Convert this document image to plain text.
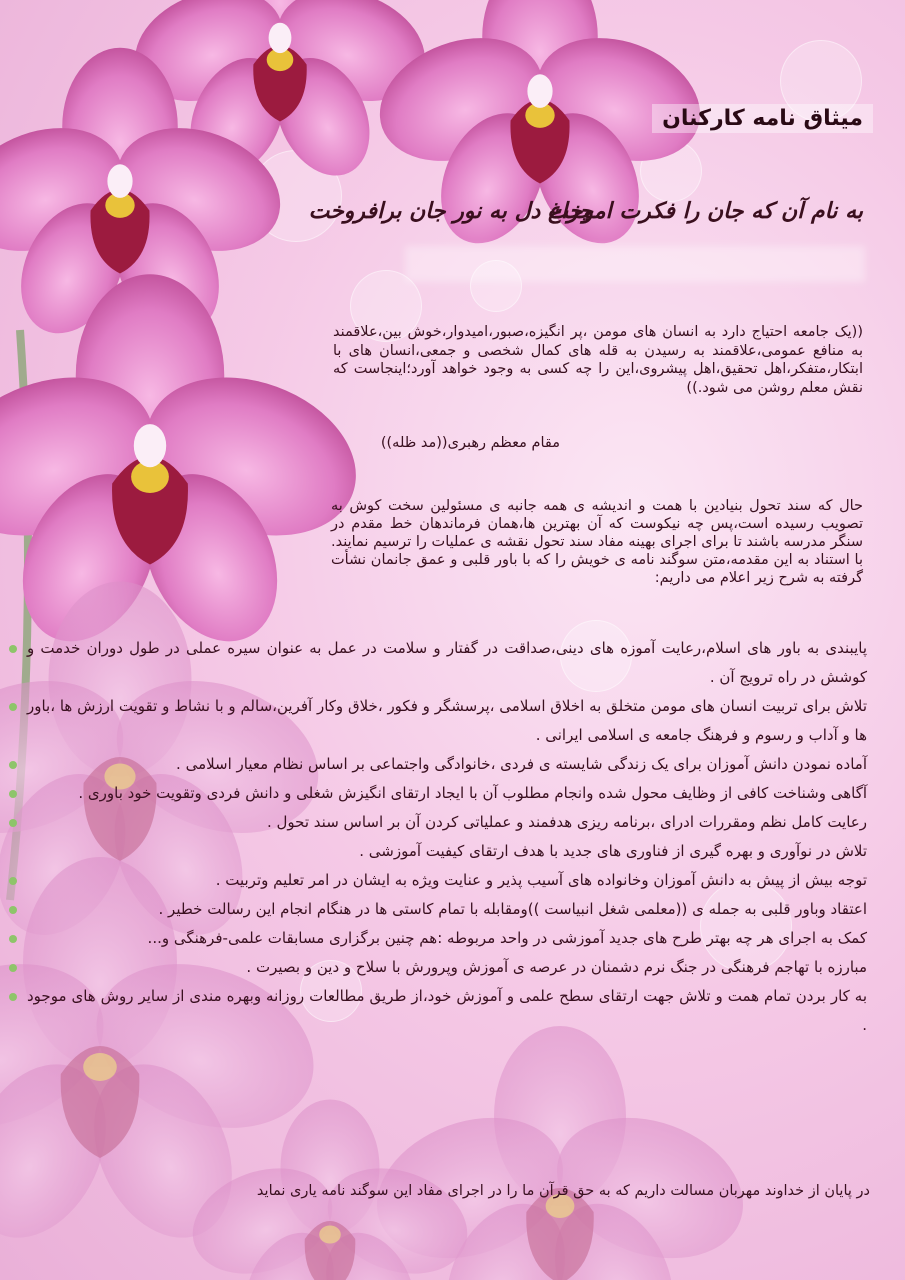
میثاق نامه کارکنان
به نام آن که جان را فکرت اموخت
چراغ دل به نور جان برافروخت
((یک جامعه احتیاج دارد به انسان های مومن ،پر انگیزه،صبور،امیدوار،خوش بین،علاقمند به منافع عمومی،علاقمند به رسیدن به قله های کمال شخصی و جمعی،انسان های با ابتکار،متفکر،اهل تحقیق،اهل پیشروی،این را چه کسی به وجود خواهد آورد؛اینجاست که نقش معلم روشن می شود.))
مقام معظم رهبری((مد ظله))
حال که سند تحول بنیادین با همت و اندیشه ی همه جانبه ی مسئولین سخت کوش به تصویب رسیده است،پس چه نیکوست که آن بهترین ها،همان فرماندهان خط مقدم در سنگر مدرسه باشند تا برای اجرای بهینه مفاد سند تحول نقشه ی عملیات را ترسیم نمایند. با استناد به این مقدمه،متن سوگند نامه ی خویش را که با باور قلبی و عمق جانمان نشأت گرفته به شرح زیر اعلام می داریم:
پایبندی به باور های اسلام،رعایت آموزه های دینی،صداقت در گفتار و سلامت در عمل به عنوان سیره عملی در طول دوران خدمت و کوشش در راه ترویج آن .
تلاش برای تربیت انسان های مومن متخلق به اخلاق اسلامی ،پرسشگر و فکور ،خلاق وکار آفرین،سالم و با نشاط و تقویت ارزش ها ،باور ها و آداب و رسوم و فرهنگ جامعه ی اسلامی ایرانی .
آماده نمودن دانش آموزان برای یک زندگی شایسته ی فردی ،خانوادگی واجتماعی بر اساس نظام معیار اسلامی .
آگاهی وشناخت کافی از وظایف محول شده وانجام مطلوب آن با ایجاد ارتقای انگیزش شغلی و دانش فردی وتقویت خود باوری .
رعایت کامل نظم ومقررات ادرای ،برنامه ریزی هدفمند و عملیاتی کردن آن بر اساس سند تحول .
تلاش در نوآوری و بهره گیری از فناوری های جدید با هدف ارتقای کیفیت آموزشی .
توجه بیش از پیش به دانش آموزان وخانواده های آسیب پذیر و عنایت ویژه به ایشان در امر تعلیم وتربیت .
اعتقاد وباور قلبی به جمله ی ((معلمی شغل انبیاست ))ومقابله با تمام کاستی ها در هنگام انجام این رسالت خطیر .
کمک به اجرای هر چه بهتر طرح های جدید آموزشی در واحد مربوطه :هم چنین برگزاری مسابقات علمی-فرهنگی و...
مبارزه با تهاجم فرهنگی در جنگ نرم دشمنان در عرصه ی آموزش وپرورش با سلاح و دین و بصیرت .
به کار بردن تمام همت و تلاش جهت ارتقای سطح علمی و آموزش خود،از طریق مطالعات روزانه وبهره مندی از سایر روش های موجود .
در پایان از خداوند مهربان مسالت داریم که به حق قرآن ما را در اجرای مفاد این سوگند نامه یاری نماید
